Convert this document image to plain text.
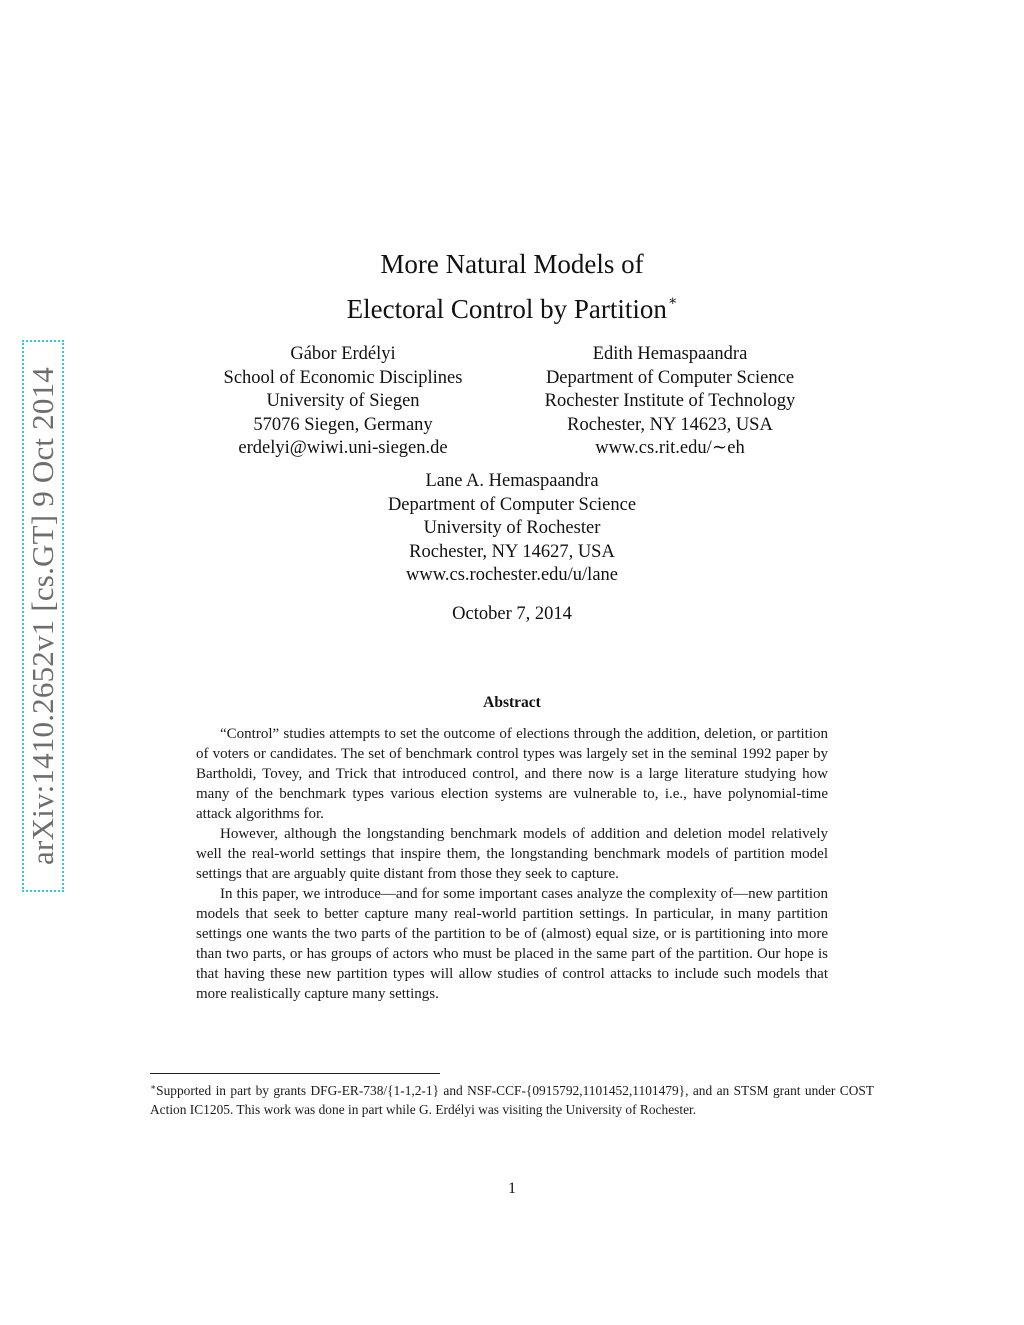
arXiv:1410.2652v1 [cs.GT] 9 Oct 2014
More Natural Models of
Electoral Control by Partition∗
Gábor Erdélyi
School of Economic Disciplines
University of Siegen
57076 Siegen, Germany
erdelyi@wiwi.uni-siegen.de
Edith Hemaspaandra
Department of Computer Science
Rochester Institute of Technology
Rochester, NY 14623, USA
www.cs.rit.edu/∼eh
Lane A. Hemaspaandra
Department of Computer Science
University of Rochester
Rochester, NY 14627, USA
www.cs.rochester.edu/u/lane
October 7, 2014
Abstract

“Control” studies attempts to set the outcome of elections through the addition, deletion, or partition of voters or candidates. The set of benchmark control types was largely set in the seminal 1992 paper by Bartholdi, Tovey, and Trick that introduced control, and there now is a large literature studying how many of the benchmark types various election systems are vulnerable to, i.e., have polynomial-time attack algorithms for.

However, although the longstanding benchmark models of addition and deletion model relatively well the real-world settings that inspire them, the longstanding benchmark models of partition model settings that are arguably quite distant from those they seek to capture.

In this paper, we introduce—and for some important cases analyze the complexity of—new partition models that seek to better capture many real-world partition settings. In particular, in many partition settings one wants the two parts of the partition to be of (almost) equal size, or is partitioning into more than two parts, or has groups of actors who must be placed in the same part of the partition. Our hope is that having these new partition types will allow studies of control attacks to include such models that more realistically capture many settings.

∗Supported in part by grants DFG-ER-738/{1-1,2-1} and NSF-CCF-{0915792,1101452,1101479}, and an STSM grant under COST Action IC1205. This work was done in part while G. Erdélyi was visiting the University of Rochester.
1
